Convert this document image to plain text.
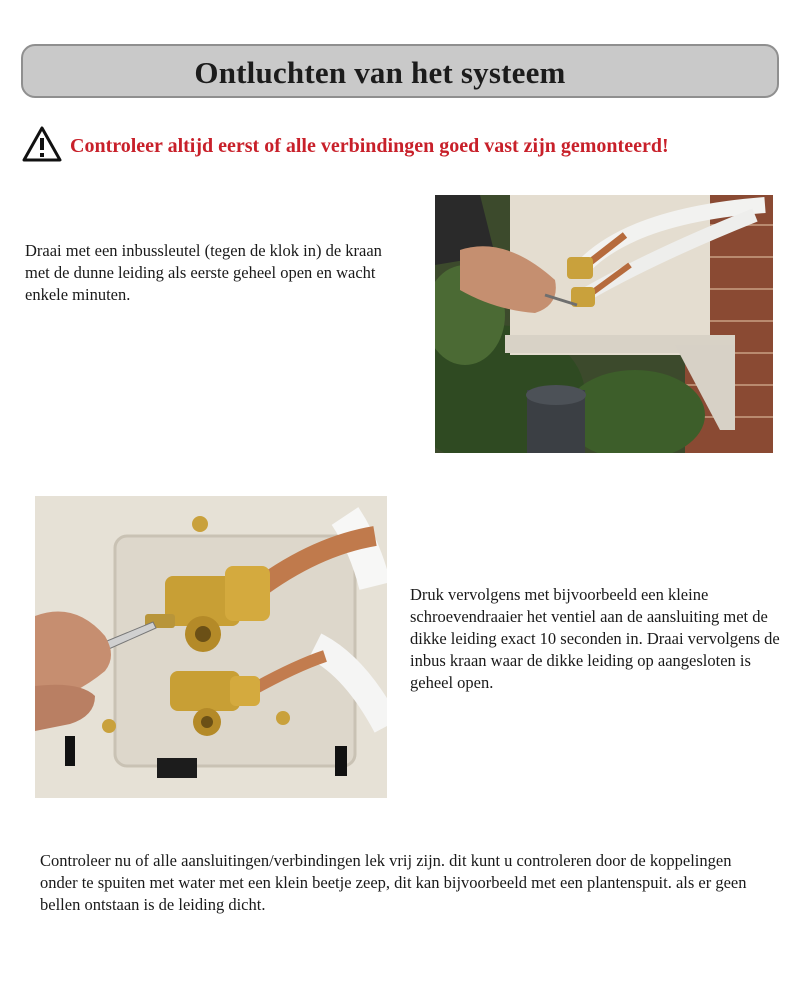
Ontluchten van het systeem
Controleer altijd eerst of alle verbindingen goed vast zijn gemonteerd!

Draai met een inbussleutel (tegen de klok in) de kraan met de dunne leiding als eerste geheel open en wacht enkele minuten.

Druk vervolgens met bijvoorbeeld een kleine schroevendraaier het ventiel aan de aansluiting met de dikke leiding exact 10 seconden in. Draai vervolgens de inbus kraan waar de dikke leiding op aangesloten is geheel open.

Controleer nu of alle aansluitingen/verbindingen lek vrij zijn. dit kunt u controleren door de koppelingen onder te spuiten met water met een klein beetje zeep, dit kan bijvoorbeeld met een plantenspuit. als er geen bellen ontstaan is de leiding dicht.
